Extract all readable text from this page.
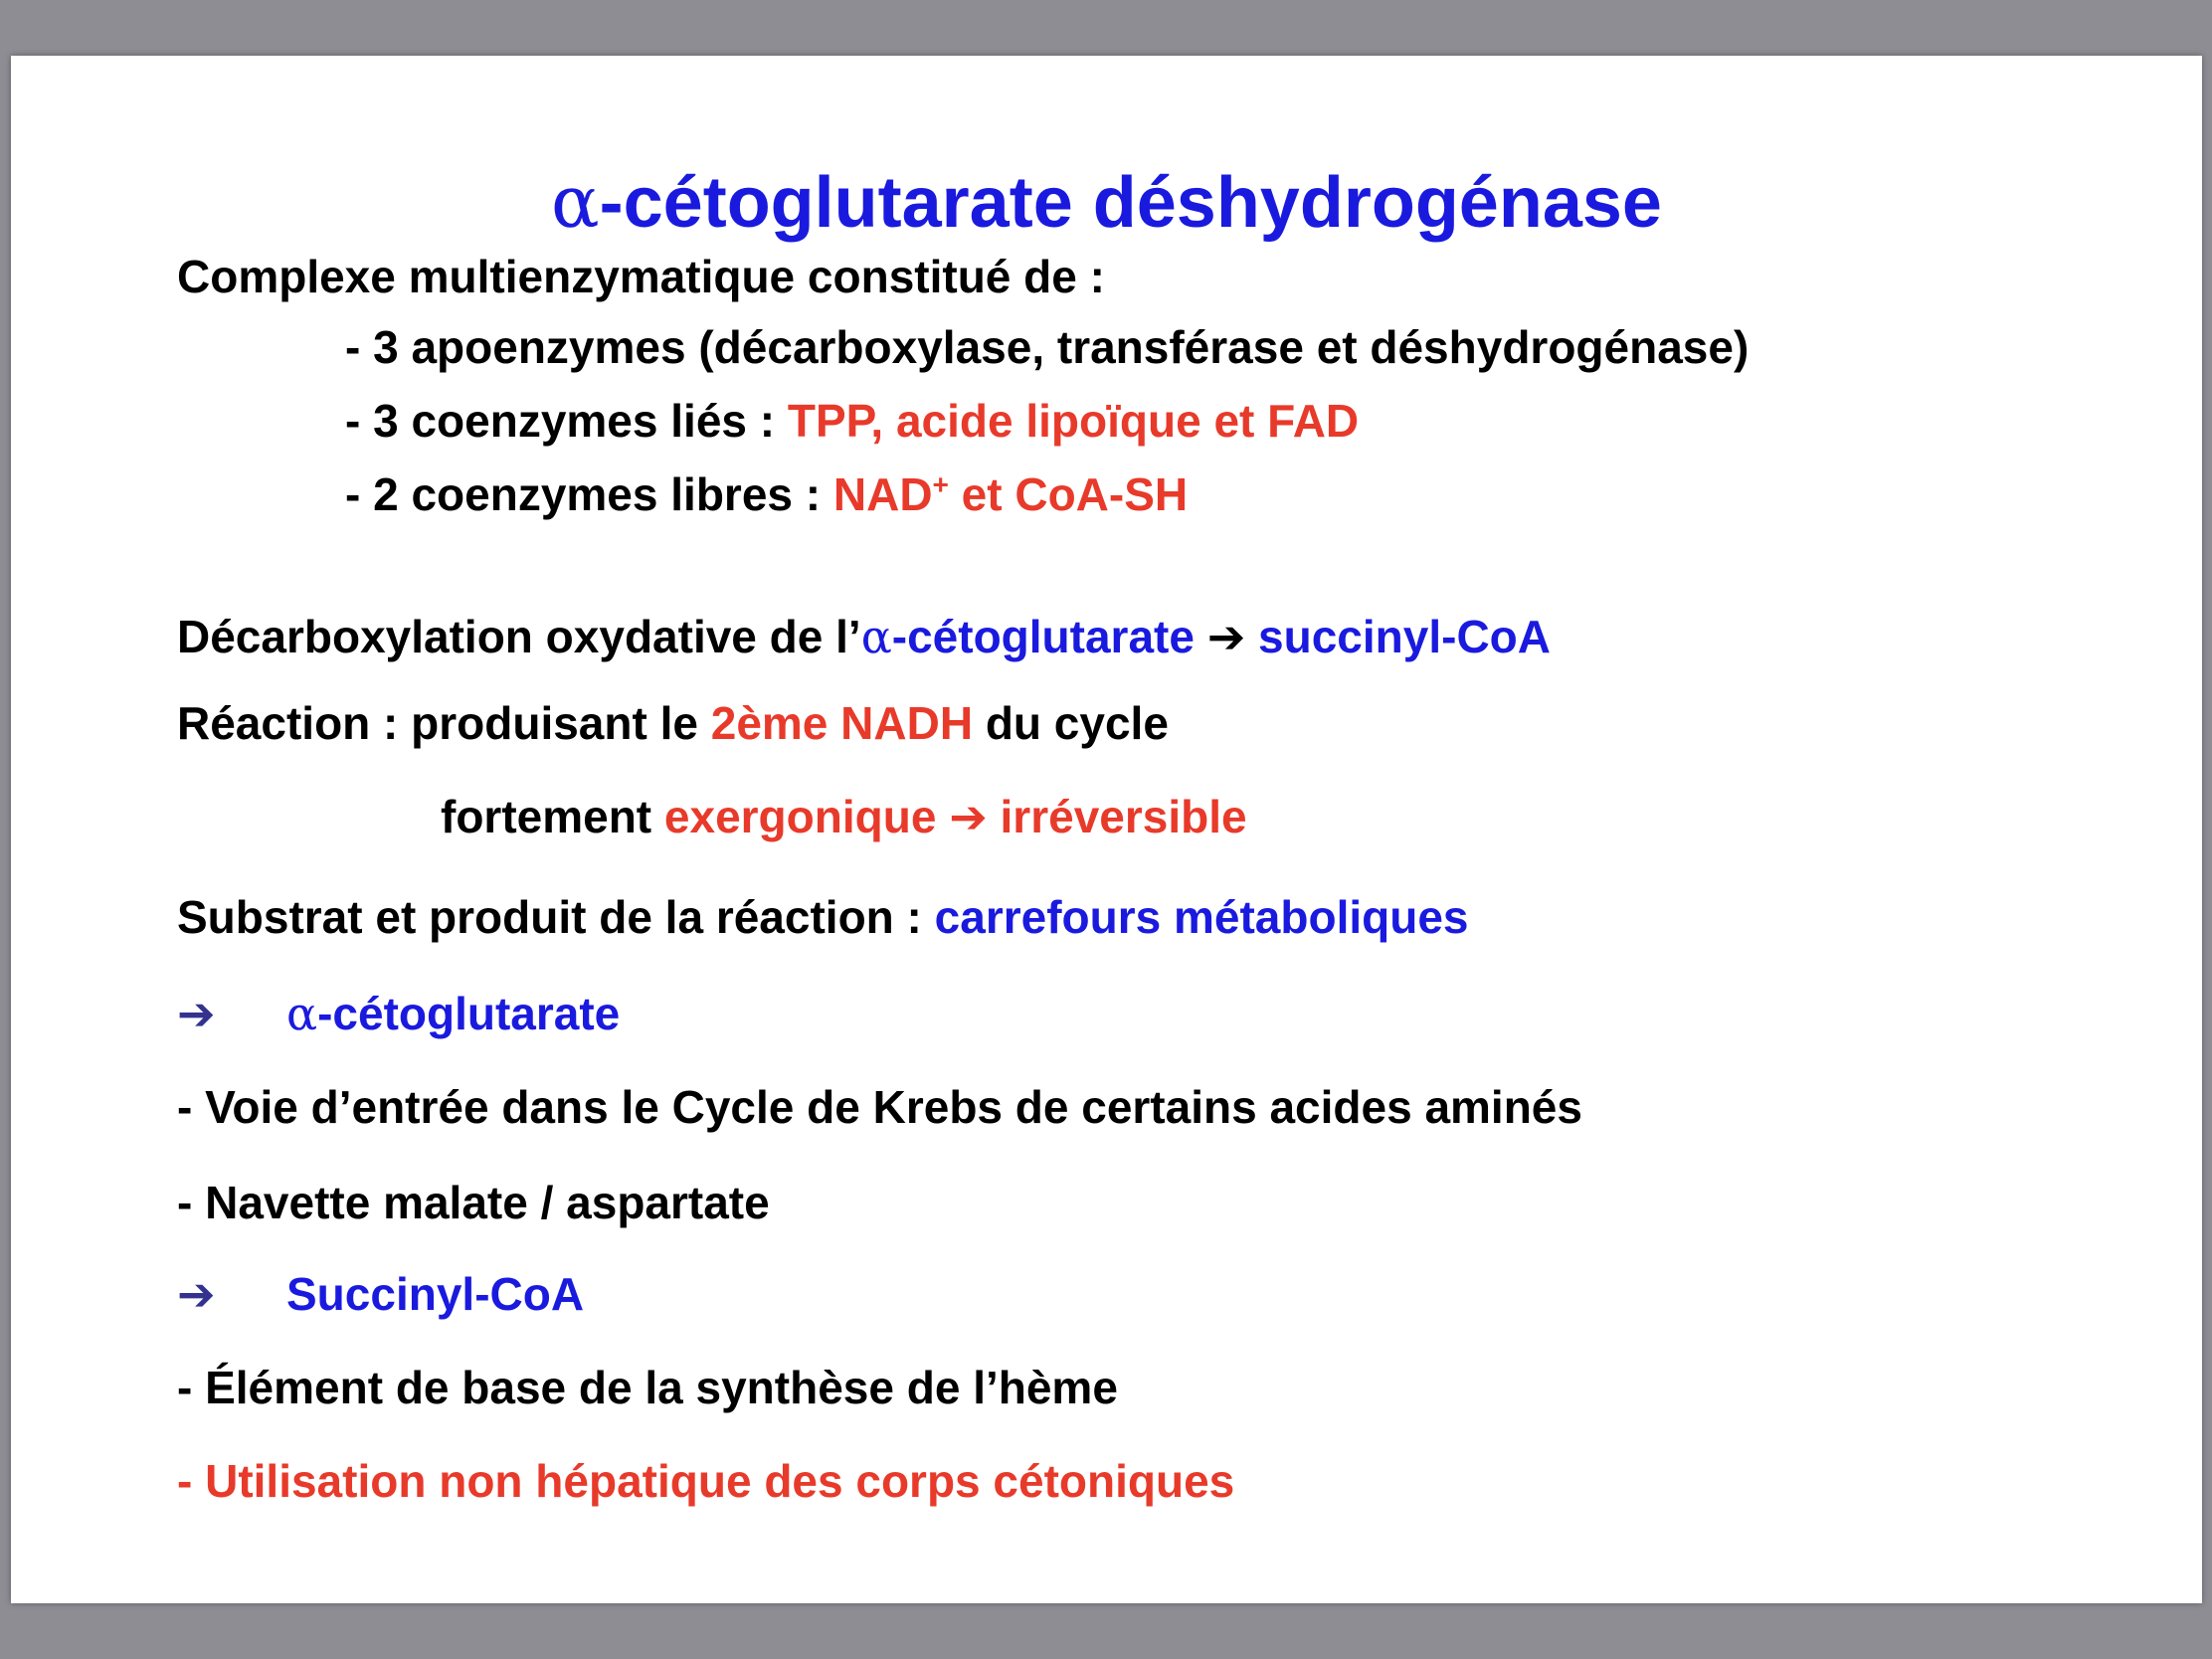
α-cétoglutarate déshydrogénase
Complexe multienzymatique constitué de :
- 3 apoenzymes (décarboxylase, transférase et déshydrogénase)
- 3 coenzymes liés : TPP, acide lipoïque et FAD
- 2 coenzymes libres : NAD+ et CoA-SH
Décarboxylation oxydative de l’α-cétoglutarate ➔ succinyl-CoA
Réaction : produisant le 2ème NADH du cycle
fortement exergonique ➔ irréversible
Substrat et produit de la réaction : carrefours métaboliques
➔ α-cétoglutarate
- Voie d’entrée dans le Cycle de Krebs de certains acides aminés
- Navette malate / aspartate
➔ Succinyl-CoA
- Élément de base de la synthèse de l’hème
- Utilisation non hépatique des corps cétoniques
